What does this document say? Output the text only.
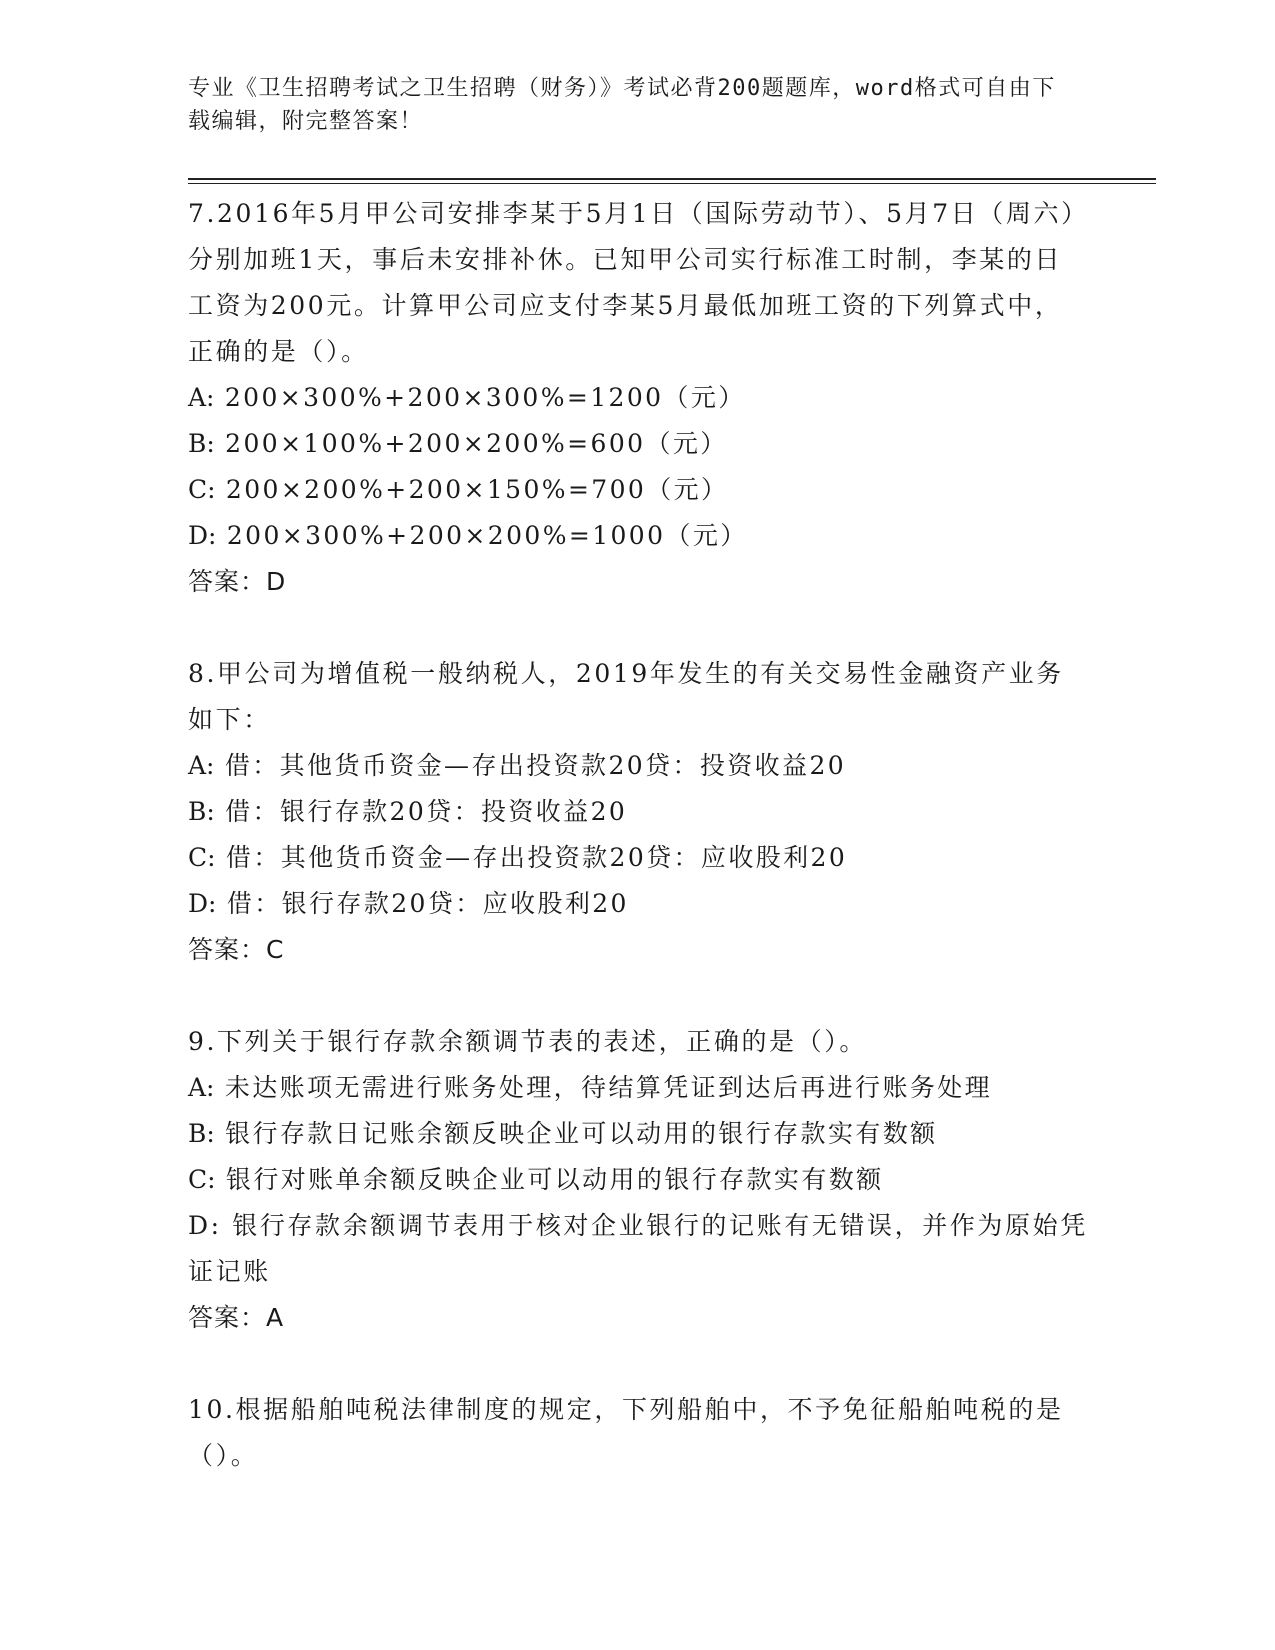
专业《卫生招聘考试之卫生招聘（财务）》考试必背200题题库，word格式可自由下载编辑，附完整答案！

7.2016年5月甲公司安排李某于5月1日（国际劳动节）、5月7日（周六）分别加班1天，事后未安排补休。已知甲公司实行标准工时制，李某的日工资为200元。计算甲公司应支付李某5月最低加班工资的下列算式中，正确的是（）。

A: 200×300%+200×300%=1200（元）

B: 200×100%+200×200%=600（元）

C: 200×200%+200×150%=700（元）

D: 200×300%+200×200%=1000（元）

答案：D

8.甲公司为增值税一般纳税人，2019年发生的有关交易性金融资产业务如下：

A: 借：其他货币资金—存出投资款20贷：投资收益20

B: 借：银行存款20贷：投资收益20

C: 借：其他货币资金—存出投资款20贷：应收股利20

D: 借：银行存款20贷：应收股利20

答案：C

9.下列关于银行存款余额调节表的表述，正确的是（）。

A: 未达账项无需进行账务处理，待结算凭证到达后再进行账务处理

B: 银行存款日记账余额反映企业可以动用的银行存款实有数额

C: 银行对账单余额反映企业可以动用的银行存款实有数额

D: 银行存款余额调节表用于核对企业银行的记账有无错误，并作为原始凭证记账

答案：A

10.根据船舶吨税法律制度的规定，下列船舶中，不予免征船舶吨税的是（）。
